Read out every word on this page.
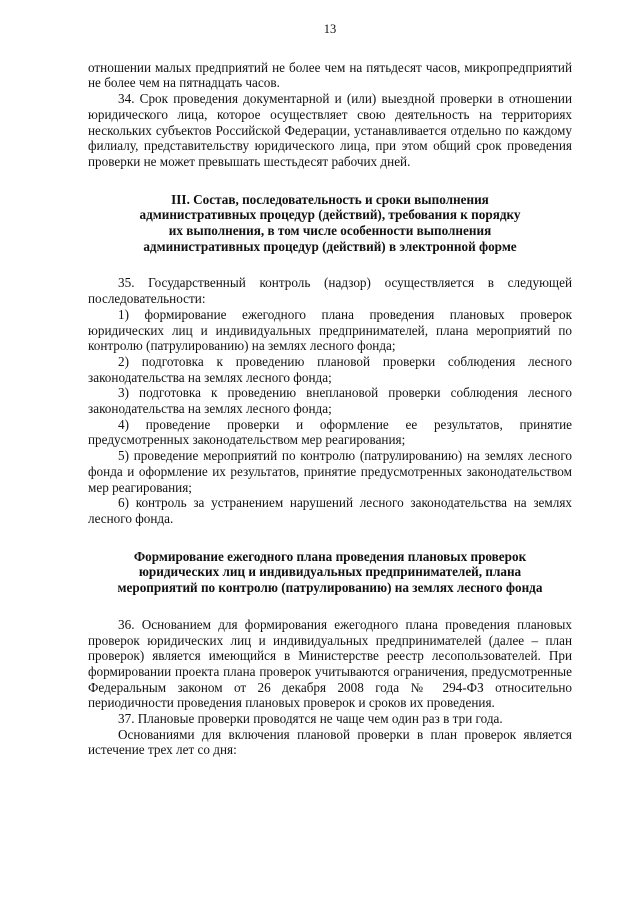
13

отношении малых предприятий не более чем на пятьдесят часов, микропредприятий не более чем на пятнадцать часов.

34. Срок проведения документарной и (или) выездной проверки в отношении юридического лица, которое осуществляет свою деятельность на территориях нескольких субъектов Российской Федерации, устанавливается отдельно по каждому филиалу, представительству юридического лица, при этом общий срок проведения проверки не может превышать шестьдесят рабочих дней.

III. Состав, последовательность и сроки выполнения
административных процедур (действий), требования к порядку
их выполнения, в том числе особенности выполнения
административных процедур (действий) в электронной форме

35. Государственный контроль (надзор) осуществляется в следующей последовательности:

1) формирование ежегодного плана проведения плановых проверок юридических лиц и индивидуальных предпринимателей, плана мероприятий по контролю (патрулированию) на землях лесного фонда;

2) подготовка к проведению плановой проверки соблюдения лесного законодательства на землях лесного фонда;

3) подготовка к проведению внеплановой проверки соблюдения лесного законодательства на землях лесного фонда;

4) проведение проверки и оформление ее результатов, принятие предусмотренных законодательством мер реагирования;

5) проведение мероприятий по контролю (патрулированию) на землях лесного фонда и оформление их результатов, принятие предусмотренных законодательством мер реагирования;

6) контроль за устранением нарушений лесного законодательства на землях лесного фонда.

Формирование ежегодного плана проведения плановых проверок
юридических лиц и индивидуальных предпринимателей, плана
мероприятий по контролю (патрулированию) на землях лесного фонда

36. Основанием для формирования ежегодного плана проведения плановых проверок юридических лиц и индивидуальных предпринимателей (далее – план проверок) является имеющийся в Министерстве реестр лесопользователей. При формировании проекта плана проверок учитываются ограничения, предусмотренные Федеральным законом от 26 декабря 2008 года № 294-ФЗ относительно периодичности проведения плановых проверок и сроков их проведения.

37. Плановые проверки проводятся не чаще чем один раз в три года.

Основаниями для включения плановой проверки в план проверок является истечение трех лет со дня:
